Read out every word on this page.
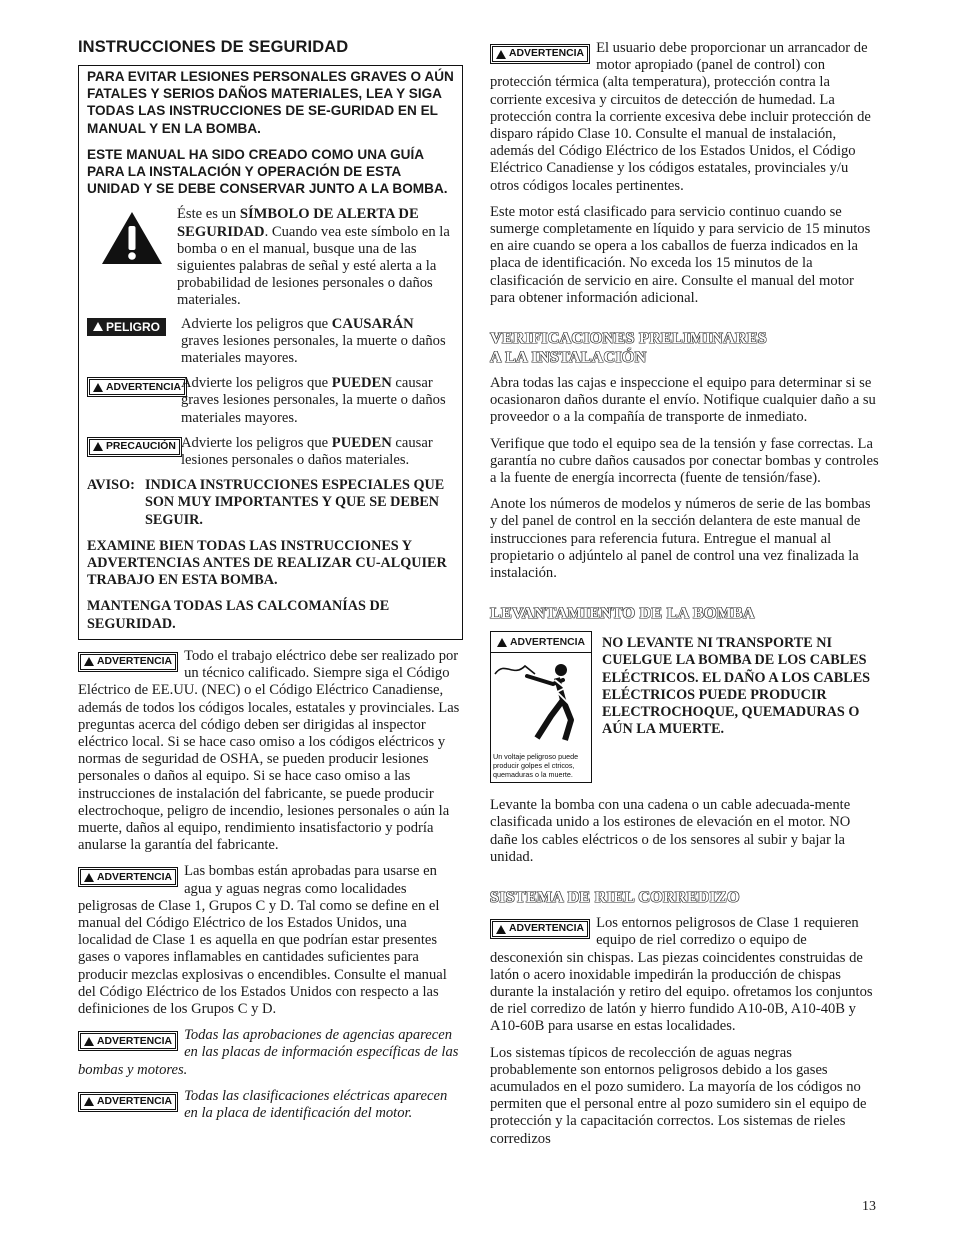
INSTRUCCIONES DE SEGURIDAD

PARA EVITAR LESIONES PERSONALES GRAVES O AÚN FATALES Y SERIOS DAÑOS MATERIALES, LEA Y SIGA TODAS LAS INSTRUCCIONES DE SE-GURIDAD EN EL MANUAL Y EN LA BOMBA.

ESTE MANUAL HA SIDO CREADO COMO UNA GUÍA PARA LA INSTALACIÓN Y OPERACIÓN DE ESTA UNIDAD Y SE DEBE CONSERVAR JUNTO A LA BOMBA.

Éste es un SÍMBOLO DE ALERTA DE SEGURIDAD. Cuando vea este símbolo en la bomba o en el manual, busque una de las siguientes palabras de señal y esté alerta a la probabilidad de lesiones personales o daños materiales.

PELIGRO Advierte los peligros que CAUSARÁN graves lesiones personales, la muerte o daños materiales mayores.

ADVERTENCIA Advierte los peligros que PUEDEN causar graves lesiones personales, la muerte o daños materiales mayores.

PRECAUCIÓN Advierte los peligros que PUEDEN causar lesiones personales o daños materiales.

AVISO: INDICA INSTRUCCIONES ESPECIALES QUE SON MUY IMPORTANTES Y QUE SE DEBEN SEGUIR.

EXAMINE BIEN TODAS LAS INSTRUCCIONES Y ADVERTENCIAS ANTES DE REALIZAR CU-ALQUIER TRABAJO EN ESTA BOMBA.

MANTENGA TODAS LAS CALCOMANÍAS DE SEGURIDAD.

ADVERTENCIA Todo el trabajo eléctrico debe ser realizado por un técnico calificado. Siempre siga el Código Eléctrico de EE.UU. (NEC) o el Código Eléctrico Canadiense, además de todos los códigos locales, estatales y provinciales. Las preguntas acerca del código deben ser dirigidas al inspector eléctrico local. Si se hace caso omiso a los códigos eléctricos y normas de seguridad de OSHA, se pueden producir lesiones personales o daños al equipo. Si se hace caso omiso a las instrucciones de instalación del fabricante, se puede producir electrochoque, peligro de incendio, lesiones personales o aún la muerte, daños al equipo, rendimiento insatisfactorio y podría anularse la garantía del fabricante.

ADVERTENCIA Las bombas están aprobadas para usarse en agua y aguas negras como localidades peligrosas de Clase 1, Grupos C y D. Tal como se define en el manual del Código Eléctrico de los Estados Unidos, una localidad de Clase 1 es aquella en que podrían estar presentes gases o vapores inflamables en cantidades suficientes para producir mezclas explosivas o encendibles. Consulte el manual del Código Eléctrico de los Estados Unidos con respecto a las definiciones de los Grupos C y D.

ADVERTENCIA Todas las aprobaciones de agencias aparecen en las placas de información específicas de las bombas y motores.

ADVERTENCIA Todas las clasificaciones eléctricas aparecen en la placa de identificación del motor.

ADVERTENCIA El usuario debe proporcionar un arrancador de motor apropiado (panel de control) con protección térmica (alta temperatura), protección contra la corriente excesiva y circuitos de detección de humedad. La protección contra la corriente excesiva debe incluir protección de disparo rápido Clase 10. Consulte el manual de instalación, además del Código Eléctrico de los Estados Unidos, el Código Eléctrico Canadiense y los códigos estatales, provinciales y/u otros códigos locales pertinentes.

Este motor está clasificado para servicio continuo cuando se sumerge completamente en líquido y para servicio de 15 minutos en aire cuando se opera a los caballos de fuerza indicados en la placa de identificación. No exceda los 15 minutos de la clasificación de servicio en aire. Consulte el manual del motor para obtener información adicional.

VERIFICACIONES PRELIMINARES
A LA INSTALACIÓN

Abra todas las cajas e inspeccione el equipo para determinar si se ocasionaron daños durante el envío. Notifique cualquier daño a su proveedor o a la compañía de transporte de inmediato.

Verifique que todo el equipo sea de la tensión y fase correctas. La garantía no cubre daños causados por conectar bombas y controles a la fuente de energía incorrecta (fuente de tensión/fase).

Anote los números de modelos y números de serie de las bombas y del panel de control en la sección delantera de este manual de instrucciones para referencia futura. Entregue el manual al propietario o adjúntelo al panel de control una vez finalizada la instalación.

LEVANTAMIENTO DE LA BOMBA
ADVERTENCIA
Un voltaje peligroso puede producir golpes el ctricos, quemaduras o la muerte.

NO LEVANTE NI TRANSPORTE NI CUELGUE LA BOMBA DE LOS CABLES ELÉCTRICOS. EL DAÑO A LOS CABLES ELÉCTRICOS PUEDE PRODUCIR ELECTROCHOQUE, QUEMADURAS O AÚN LA MUERTE.

Levante la bomba con una cadena o un cable adecuada-mente clasificada unido a los estirones de elevación en el motor. NO dañe los cables eléctricos o de los sensores al subir y bajar la unidad.

SISTEMA DE RIEL CORREDIZO

ADVERTENCIA Los entornos peligrosos de Clase 1 requieren equipo de riel corredizo o equipo de desconexión sin chispas. Las piezas coincidentes construidas de latón o acero inoxidable impedirán la producción de chispas durante la instalación y retiro del equipo. ofretamos los conjuntos de riel corredizo de latón y hierro fundido A10-0B, A10-40B y A10-60B para usarse en estas localidades.

Los sistemas típicos de recolección de aguas negras probablemente son entornos peligrosos debido a los gases acumulados en el pozo sumidero. La mayoría de los códigos no permiten que el personal entre al pozo sumidero sin el equipo de protección y la capacitación correctos. Los sistemas de rieles corredizos

13
